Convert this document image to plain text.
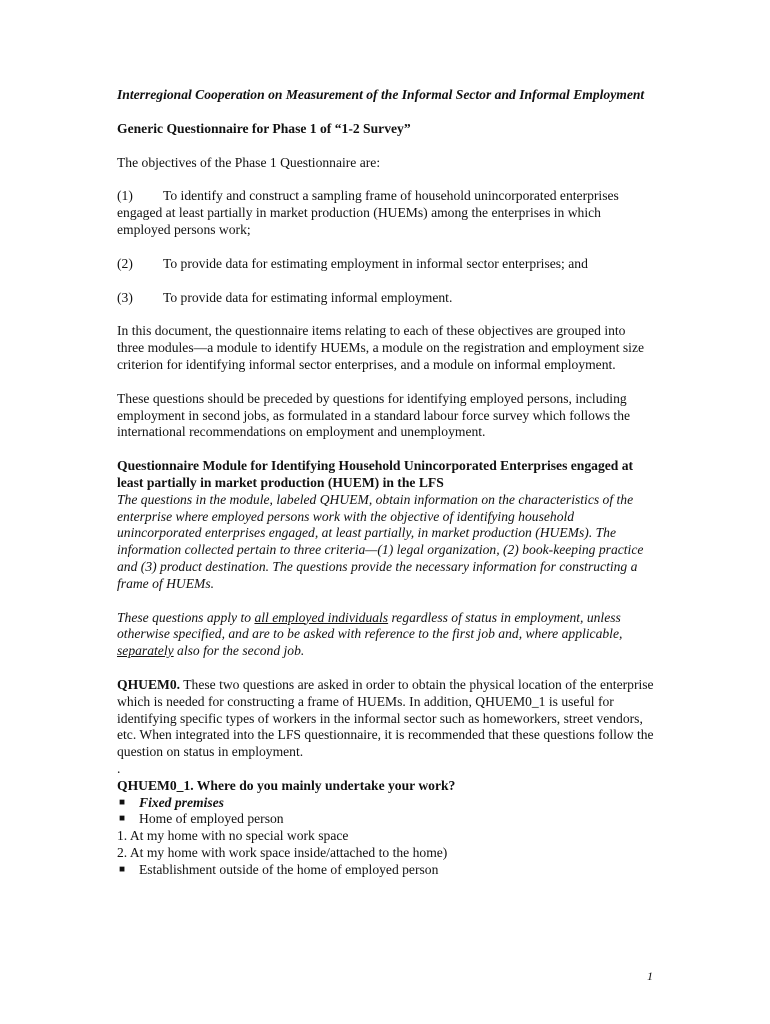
Interregional Cooperation on Measurement of the Informal Sector and Informal Employment

Generic Questionnaire for Phase 1 of “1-2 Survey”

The objectives of the Phase 1 Questionnaire are:

(1) To identify and construct a sampling frame of household unincorporated enterprises engaged at least partially in market production (HUEMs) among the enterprises in which employed persons work;

(2) To provide data for estimating employment in informal sector enterprises; and

(3) To provide data for estimating informal employment.

In this document, the questionnaire items relating to each of these objectives are grouped into three modules—a module to identify HUEMs, a module on the registration and employment size criterion for identifying informal sector enterprises, and a module on informal employment.

These questions should be preceded by questions for identifying employed persons, including employment in second jobs, as formulated in a standard labour force survey which follows the international recommendations on employment and unemployment.

Questionnaire Module for Identifying Household Unincorporated Enterprises engaged at least partially in market production (HUEM) in the LFS

The questions in the module, labeled QHUEM, obtain information on the characteristics of the enterprise where employed persons work with the objective of identifying household unincorporated enterprises engaged, at least partially, in market production (HUEMs). The information collected pertain to three criteria—(1) legal organization, (2) book-keeping practice and (3) product destination. The questions provide the necessary information for constructing a frame of HUEMs.

These questions apply to all employed individuals regardless of status in employment, unless otherwise specified, and are to be asked with reference to the first job and, where applicable, separately also for the second job.

QHUEM0. These two questions are asked in order to obtain the physical location of the enterprise which is needed for constructing a frame of HUEMs. In addition, QHUEM0_1 is useful for identifying specific types of workers in the informal sector such as homeworkers, street vendors, etc. When integrated into the LFS questionnaire, it is recommended that these questions follow the question on status in employment.

.

QHUEM0_1. Where do you mainly undertake your work?

■ Fixed premises

■ Home of employed person

1. At my home with no special work space

2. At my home with work space inside/attached to the home)

■ Establishment outside of the home of employed person

1
